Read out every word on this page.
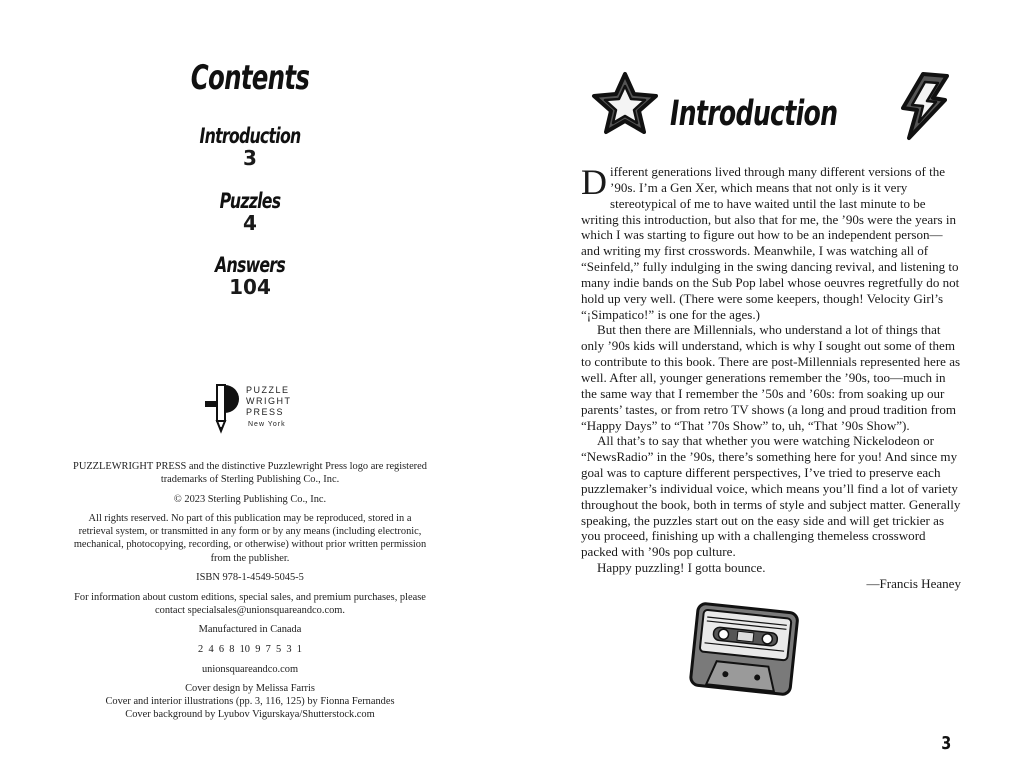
Contents
Introduction
3
Puzzles
4
Answers
104
PUZZLE
WRIGHT
PRESS
New York

PUZZLEWRIGHT PRESS and the distinctive Puzzlewright Press logo are registered trademarks of Sterling Publishing Co., Inc.

© 2023 Sterling Publishing Co., Inc.

All rights reserved. No part of this publication may be reproduced, stored in a retrieval system, or transmitted in any form or by any means (including electronic, mechanical, photocopying, recording, or otherwise) without prior written permission from the publisher.

ISBN 978-1-4549-5045-5

For information about custom editions, special sales, and premium purchases, please contact specialsales@unionsquareandco.com.

Manufactured in Canada

2  4  6  8  10  9  7  5  3  1

unionsquareandco.com

Cover design by Melissa Farris

Cover and interior illustrations (pp. 3, 116, 125) by Fionna Fernandes

Cover background by Lyubov Vigurskaya/Shutterstock.com

Introduction

Different generations lived through many different versions of the ’90s. I’m a Gen Xer, which means that not only is it very stereotypical of me to have waited until the last minute to be writing this introduction, but also that for me, the ’90s were the years in which I was starting to figure out how to be an independent person—and writing my first crosswords. Meanwhile, I was watching all of “Seinfeld,” fully indulging in the swing dancing revival, and listening to many indie bands on the Sub Pop label whose oeuvres regretfully do not hold up very well. (There were some keepers, though! Velocity Girl’s “¡Simpatico!” is one for the ages.)

But then there are Millennials, who understand a lot of things that only ’90s kids will understand, which is why I sought out some of them to contribute to this book. There are post-Millennials represented here as well. After all, younger generations remember the ’90s, too—much in the same way that I remember the ’50s and ’60s: from soaking up our parents’ tastes, or from retro TV shows (a long and proud tradition from “Happy Days” to “That ’70s Show” to, uh, “That ’90s Show”).

All that’s to say that whether you were watching Nickelodeon or “NewsRadio” in the ’90s, there’s something here for you! And since my goal was to capture different perspectives, I’ve tried to preserve each puzzlemaker’s individual voice, which means you’ll find a lot of variety throughout the book, both in terms of style and subject matter. Generally speaking, the puzzles start out on the easy side and will get trickier as you proceed, finishing up with a challenging themeless crossword packed with ’90s pop culture.

Happy puzzling! I gotta bounce.

—Francis Heaney

3
